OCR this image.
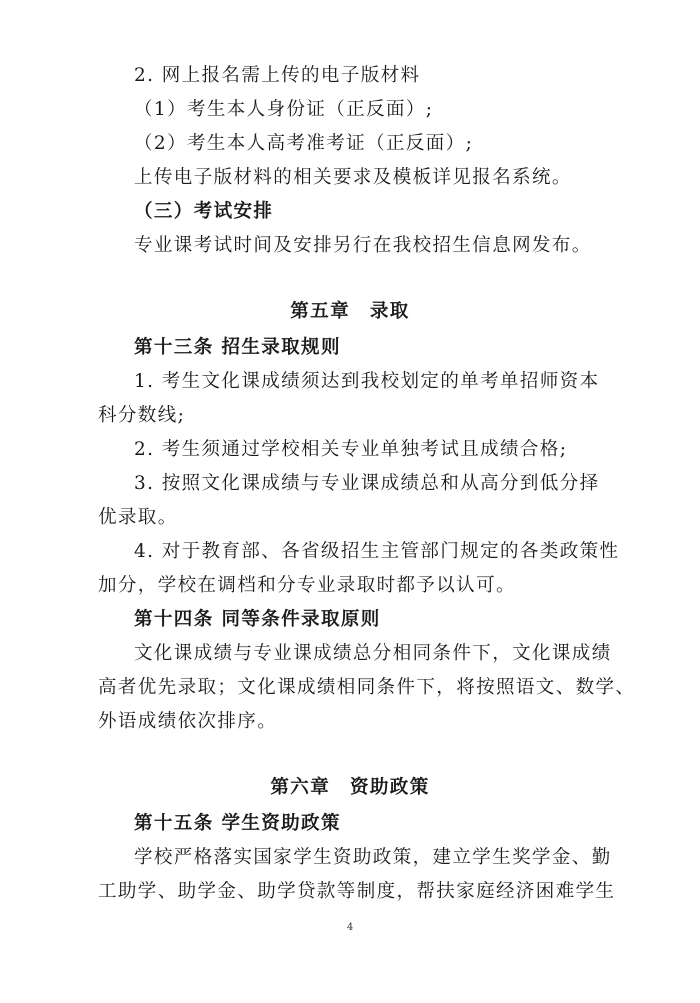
2. 网上报名需上传的电子版材料
（1）考生本人身份证（正反面）;
（2）考生本人高考准考证（正反面）;
上传电子版材料的相关要求及模板详见报名系统。
（三）考试安排
专业课考试时间及安排另行在我校招生信息网发布。
第五章　录取
第十三条 招生录取规则
1. 考生文化课成绩须达到我校划定的单考单招师资本
科分数线;
2. 考生须通过学校相关专业单独考试且成绩合格;
3. 按照文化课成绩与专业课成绩总和从高分到低分择
优录取。
4. 对于教育部、各省级招生主管部门规定的各类政策性
加分，学校在调档和分专业录取时都予以认可。
第十四条 同等条件录取原则
文化课成绩与专业课成绩总分相同条件下，文化课成绩
高者优先录取；文化课成绩相同条件下，将按照语文、数学、
外语成绩依次排序。
第六章　资助政策
第十五条 学生资助政策
学校严格落实国家学生资助政策，建立学生奖学金、勤
工助学、助学金、助学贷款等制度，帮扶家庭经济困难学生
4
